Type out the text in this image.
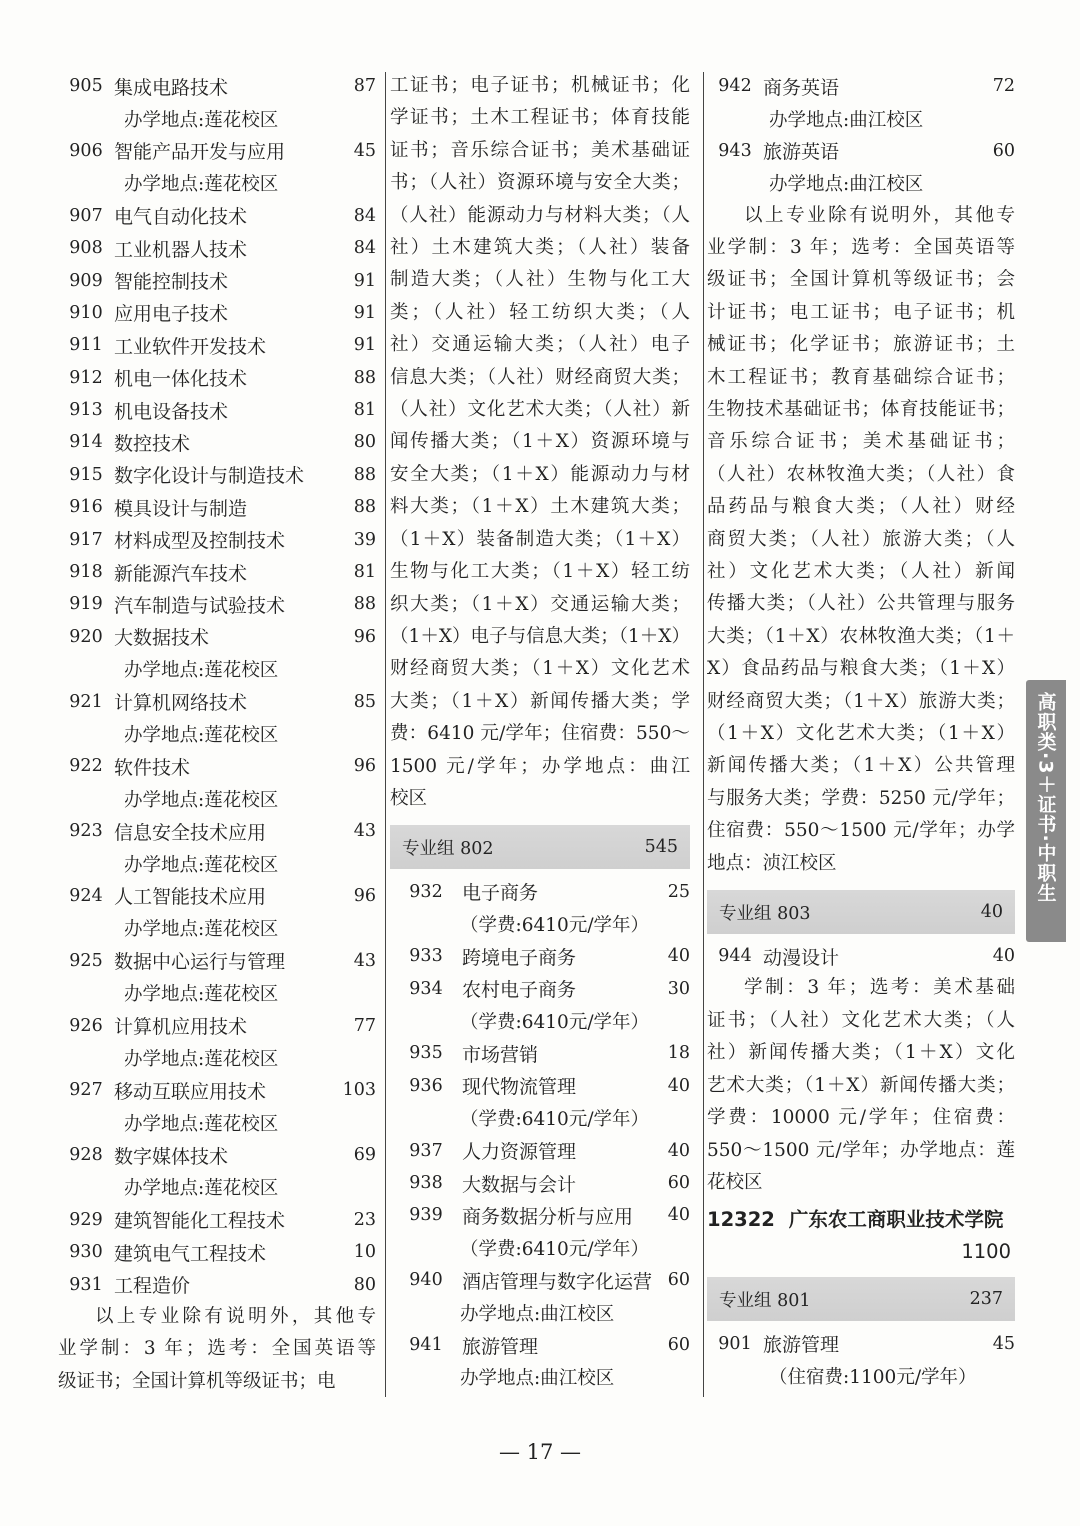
905 集成电路技术	87
办学地点:莲花校区
906 智能产品开发与应用	45
办学地点:莲花校区
907 电气自动化技术	84
908 工业机器人技术	84
909 智能控制技术	91
910 应用电子技术	91
911 工业软件开发技术	91
912 机电一体化技术	88
913 机电设备技术	81
914 数控技术	80
915 数字化设计与制造技术	88
916 模具设计与制造	88
917 材料成型及控制技术	39
918 新能源汽车技术	81
919 汽车制造与试验技术	88
920 大数据技术	96
办学地点:莲花校区
921 计算机网络技术	85
办学地点:莲花校区
922 软件技术	96
办学地点:莲花校区
923 信息安全技术应用	43
办学地点:莲花校区
924 人工智能技术应用	96
办学地点:莲花校区
925 数据中心运行与管理	43
办学地点:莲花校区
926 计算机应用技术	77
办学地点:莲花校区
927 移动互联应用技术	103
办学地点:莲花校区
928 数字媒体技术	69
办学地点:莲花校区
929 建筑智能化工程技术	23
930 建筑电气工程技术	10
931 工程造价	80
以上专业除有说明外，其他专
业学制：3 年；选考：全国英语等
级证书；全国计算机等级证书；电
工证书；电子证书；机械证书；化
学证书；土木工程证书；体育技能
证书；音乐综合证书；美术基础证
书；（人社）资源环境与安全大类；
（人社）能源动力与材料大类；（人
社）土木建筑大类；（人社）装备
制造大类；（人社）生物与化工大
类；（人社）轻工纺织大类；（人
社）交通运输大类；（人社）电子
信息大类；（人社）财经商贸大类；
（人社）文化艺术大类；（人社）新
闻传播大类；（1＋X）资源环境与
安全大类；（1＋X）能源动力与材
料大类；（1＋X）土木建筑大类；
（1＋X）装备制造大类；（1＋X）
生物与化工大类；（1＋X）轻工纺
织大类；（1＋X）交通运输大类；
（1＋X）电子与信息大类；（1＋X）
财经商贸大类；（1＋X）文化艺术
大类；（1＋X）新闻传播大类；学
费：6410 元/学年；住宿费：550～
1500 元/学年；办学地点：曲江
校区
专业组 802	545
932	电子商务	25
（学费:6410元/学年）
933	跨境电子商务	40
934	农村电子商务	30
（学费:6410元/学年）
935	市场营销	18
936	现代物流管理	40
（学费:6410元/学年）
937	人力资源管理	40
938	大数据与会计	60
939	商务数据分析与应用	40
（学费:6410元/学年）
940	酒店管理与数字化运营 60
办学地点:曲江校区
941	旅游管理	60
办学地点:曲江校区
942 商务英语	72
办学地点:曲江校区
943 旅游英语	60
办学地点:曲江校区
以上专业除有说明外，其他专
业学制：3 年；选考：全国英语等
级证书；全国计算机等级证书；会
计证书；电工证书；电子证书；机
械证书；化学证书；旅游证书；土
木工程证书；教育基础综合证书；
生物技术基础证书；体育技能证书；
音乐综合证书；美术基础证书；
（人社）农林牧渔大类；（人社）食
品药品与粮食大类；（人社）财经
商贸大类；（人社）旅游大类；（人
社）文化艺术大类；（人社）新闻
传播大类；（人社）公共管理与服务
大类；（1＋X）农林牧渔大类；（1＋
X）食品药品与粮食大类；（1＋X）
财经商贸大类；（1＋X）旅游大类；
（1＋X）文化艺术大类；（1＋X）
新闻传播大类；（1＋X）公共管理
与服务大类；学费：5250 元/学年；
住宿费：550～1500 元/学年；办学
地点：浈江校区
专业组 803	40
944 动漫设计	40
学制：3 年；选考：美术基础
证书；（人社）文化艺术大类；（人
社）新闻传播大类；（1＋X）文化
艺术大类；（1＋X）新闻传播大类；
学费：10000 元/学年；住宿费：
550～1500 元/学年；办学地点：莲
花校区
12322 广东农工商职业技术学院
1100
专业组 801	237
901 旅游管理	45
（住宿费:1100元/学年）
高职类·3＋证书·中职生
— 17 —
